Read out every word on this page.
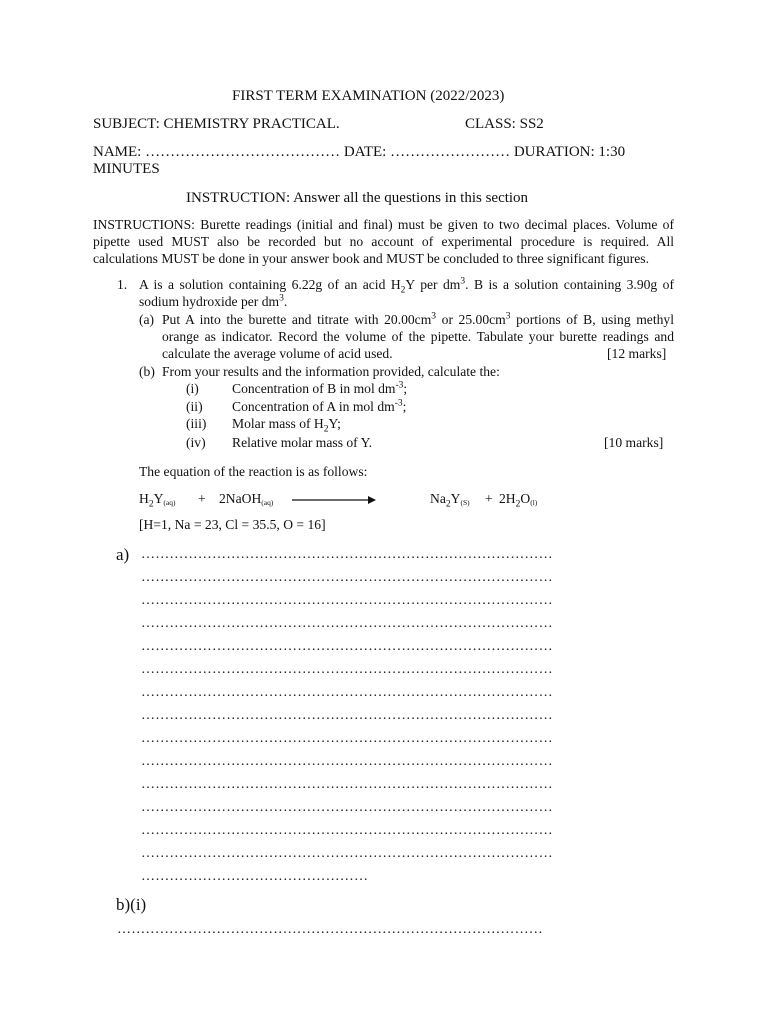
FIRST TERM EXAMINATION (2022/2023)
SUBJECT: CHEMISTRY PRACTICAL.	CLASS: SS2
NAME: ………………………………… DATE: …………………… DURATION: 1:30
MINUTES
INSTRUCTION: Answer all the questions in this section
INSTRUCTIONS: Burette readings (initial and final) must be given to two decimal places. Volume of
pipette used MUST also be recorded but no account of experimental procedure is required. All
calculations MUST be done in your answer book and MUST be concluded to three significant figures.
1. A is a solution containing 6.22g of an acid $H_2Y$ per $dm^3$. B is a solution containing 3.90g of
sodium hydroxide per $dm^3$.
(a) Put A into the burette and titrate with $20.00cm^3$ or $25.00cm^3$ portions of B, using methyl
orange as indicator. Record the volume of the pipette. Tabulate your burette readings and
calculate the average volume of acid used.	[12 marks]
(b) From your results and the information provided, calculate the:
(i) Concentration of B in mol $dm^{-3}$;
(ii) Concentration of A in mol $dm^{-3}$;
(iii) Molar mass of $H_2Y$;
(iv) Relative molar mass of Y.	[10 marks]
The equation of the reaction is as follows:
$H_2Y(aq)$ + 2NaOH(aq)	$Na_2Y(S) + 2H_2O(l)$
[H=1, Na = 23, Cl = 35.5, O = 16]
a) ……………………………………………………………………………
……………………………………………………………………………
……………………………………………………………………………
……………………………………………………………………………
……………………………………………………………………………
……………………………………………………………………………
……………………………………………………………………………
……………………………………………………………………………
……………………………………………………………………………
……………………………………………………………………………
……………………………………………………………………………
……………………………………………………………………………
……………………………………………………………………………
……………………………………………………………………………
…………………………………………
b)(i)
………………………………………………………………………………
